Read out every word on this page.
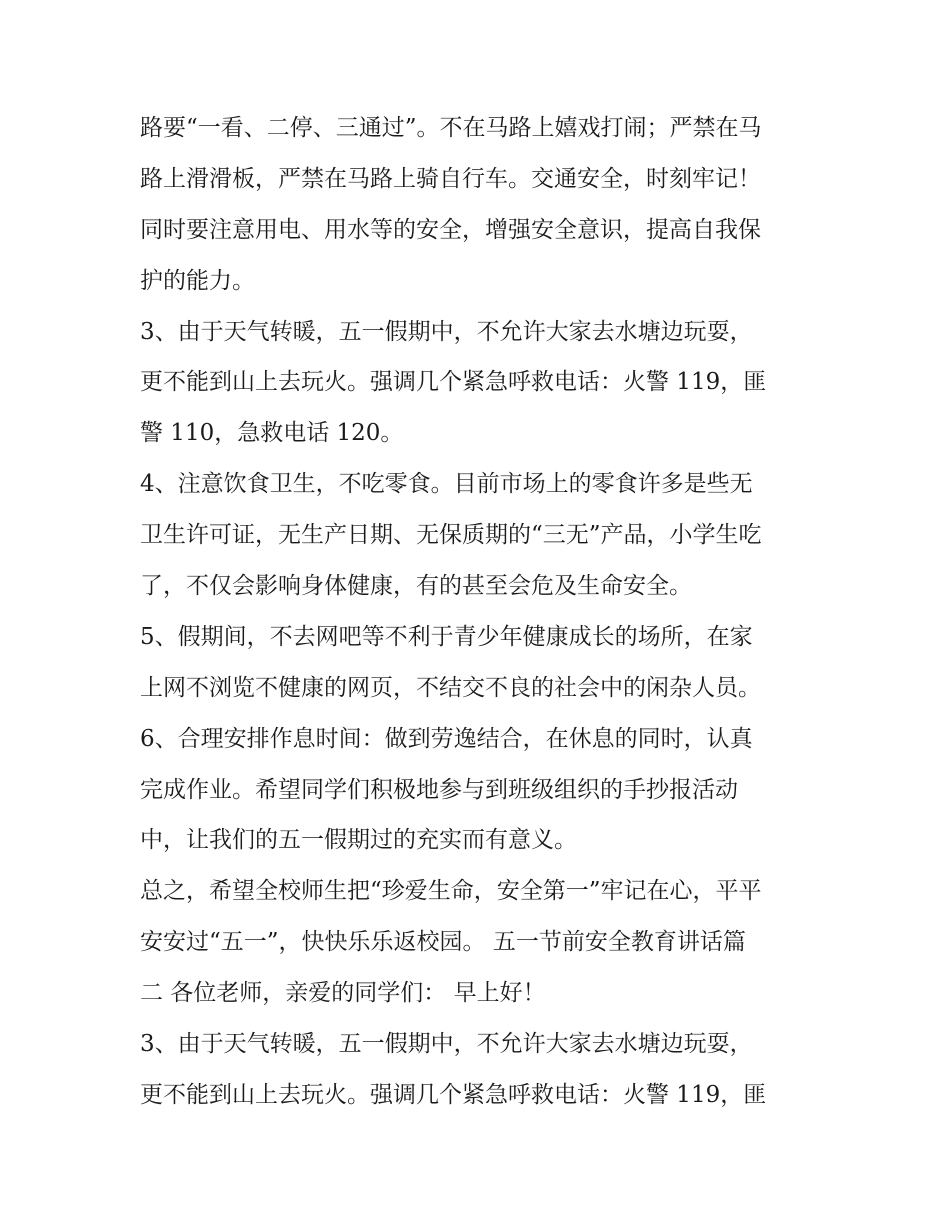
路要“一看、二停、三通过”。不在马路上嬉戏打闹；严禁在马
路上滑滑板，严禁在马路上骑自行车。交通安全，时刻牢记！
同时要注意用电、用水等的安全，增强安全意识，提高自我保
护的能力。
3、由于天气转暖，五一假期中，不允许大家去水塘边玩耍，
更不能到山上去玩火。强调几个紧急呼救电话：火警 119，匪
警 110，急救电话 120。
4、注意饮食卫生，不吃零食。目前市场上的零食许多是些无
卫生许可证，无生产日期、无保质期的“三无”产品，小学生吃
了，不仅会影响身体健康，有的甚至会危及生命安全。
5、假期间，不去网吧等不利于青少年健康成长的场所，在家
上网不浏览不健康的网页，不结交不良的社会中的闲杂人员。
6、合理安排作息时间：做到劳逸结合，在休息的同时，认真
完成作业。希望同学们积极地参与到班级组织的手抄报活动
中，让我们的五一假期过的充实而有意义。
总之，希望全校师生把“珍爱生命，安全第一”牢记在心，平平
安安过“五一”，快快乐乐返校园。 五一节前安全教育讲话篇
二 各位老师，亲爱的同学们： 早上好！
3、由于天气转暖，五一假期中，不允许大家去水塘边玩耍，
更不能到山上去玩火。强调几个紧急呼救电话：火警 119，匪
